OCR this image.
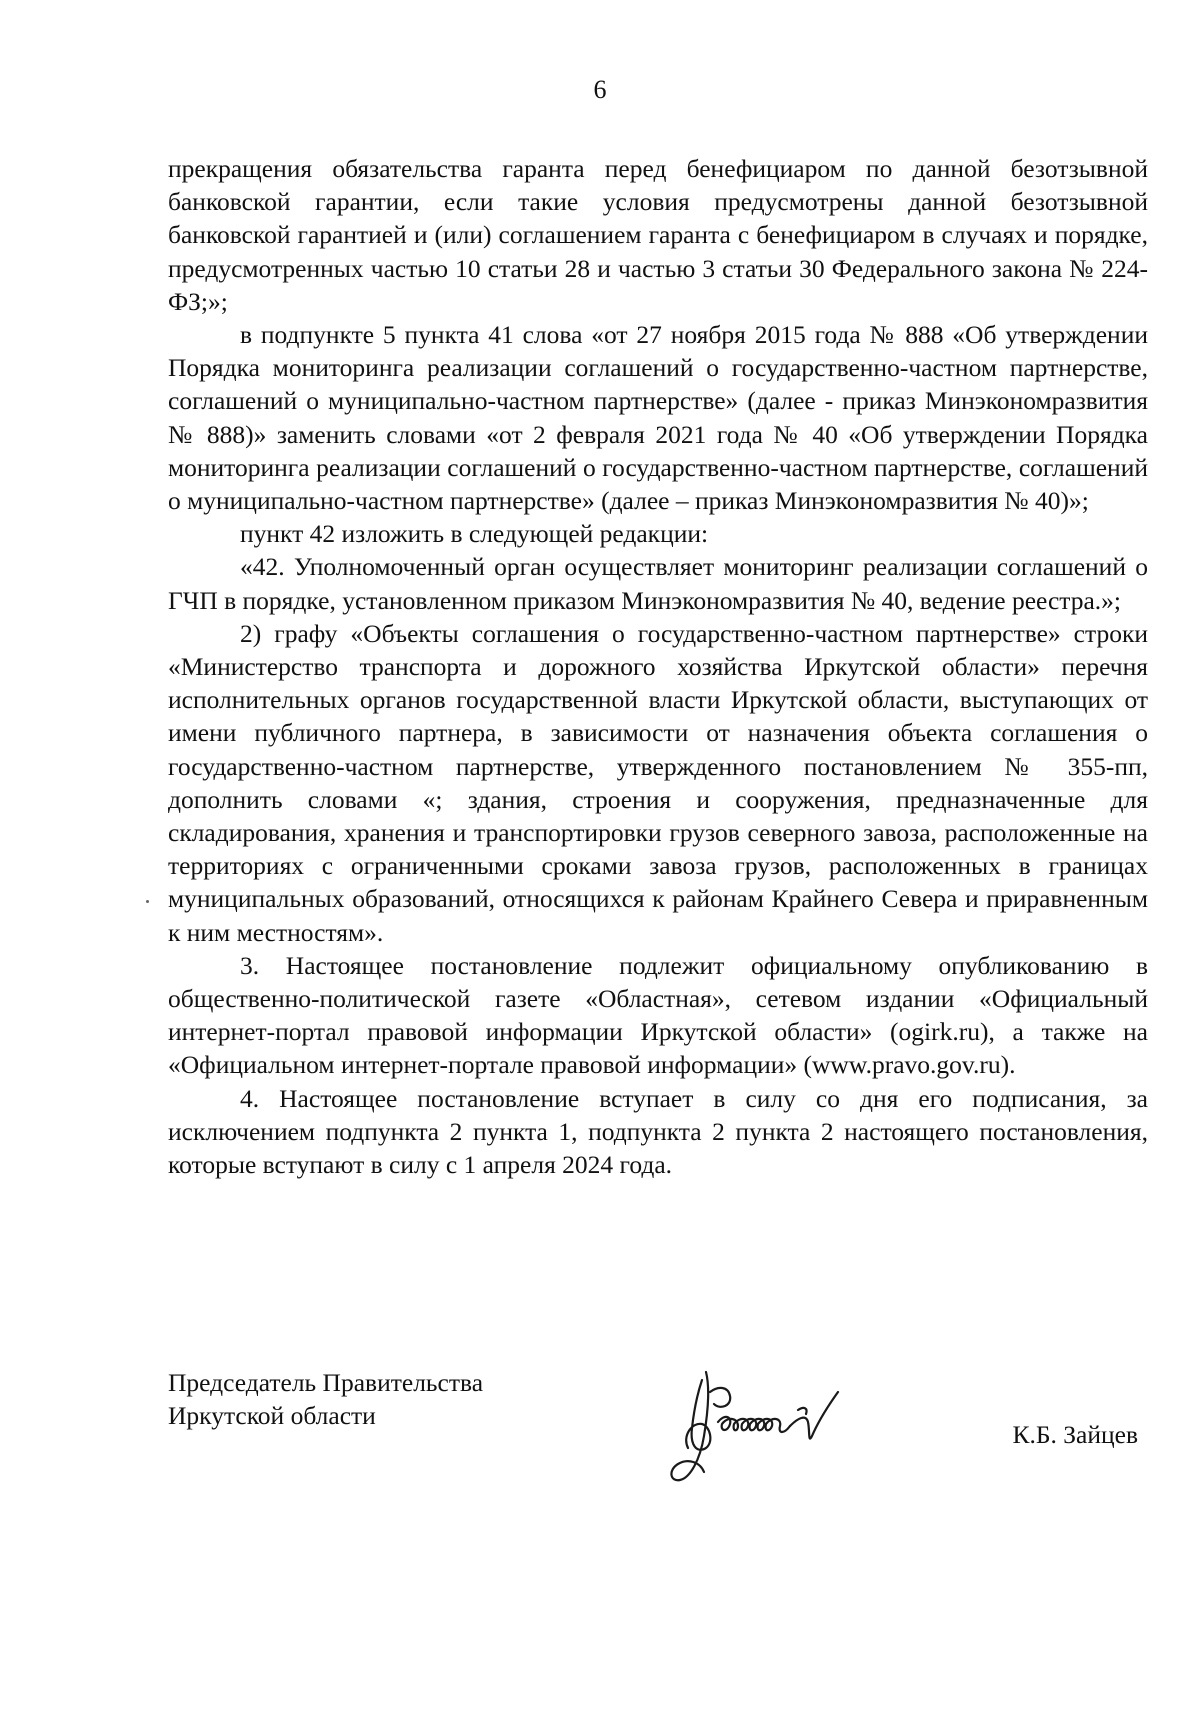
6

прекращения обязательства гаранта перед бенефициаром по данной безотзывной банковской гарантии, если такие условия предусмотрены данной безотзывной банковской гарантией и (или) соглашением гаранта с бенефициаром в случаях и порядке, предусмотренных частью 10 статьи 28 и частью 3 статьи 30 Федерального закона № 224-ФЗ;»;

в подпункте 5 пункта 41 слова «от 27 ноября 2015 года № 888 «Об утверждении Порядка мониторинга реализации соглашений о государственно-частном партнерстве, соглашений о муниципально-частном партнерстве» (далее - приказ Минэкономразвития № 888)» заменить словами «от 2 февраля 2021 года № 40 «Об утверждении Порядка мониторинга реализации соглашений о государственно-частном партнерстве, соглашений о муниципально-частном партнерстве» (далее – приказ Минэкономразвития № 40)»;

пункт 42 изложить в следующей редакции:

«42. Уполномоченный орган осуществляет мониторинг реализации соглашений о ГЧП в порядке, установленном приказом Минэкономразвития № 40, ведение реестра.»;

2) графу «Объекты соглашения о государственно-частном партнерстве» строки «Министерство транспорта и дорожного хозяйства Иркутской области» перечня исполнительных органов государственной власти Иркутской области, выступающих от имени публичного партнера, в зависимости от назначения объекта соглашения о государственно-частном партнерстве, утвержденного постановлением № 355-пп, дополнить словами «; здания, строения и сооружения, предназначенные для складирования, хранения и транспортировки грузов северного завоза, расположенные на территориях с ограниченными сроками завоза грузов, расположенных в границах муниципальных образований, относящихся к районам Крайнего Севера и приравненным к ним местностям».

3. Настоящее постановление подлежит официальному опубликованию в общественно-политической газете «Областная», сетевом издании «Официальный интернет-портал правовой информации Иркутской области» (ogirk.ru), а также на «Официальном интернет-портале правовой информации» (www.pravo.gov.ru).

4. Настоящее постановление вступает в силу со дня его подписания, за исключением подпункта 2 пункта 1, подпункта 2 пункта 2 настоящего постановления, которые вступают в силу с 1 апреля 2024 года.

Председатель Правительства
Иркутской области
К.Б. Зайцев
